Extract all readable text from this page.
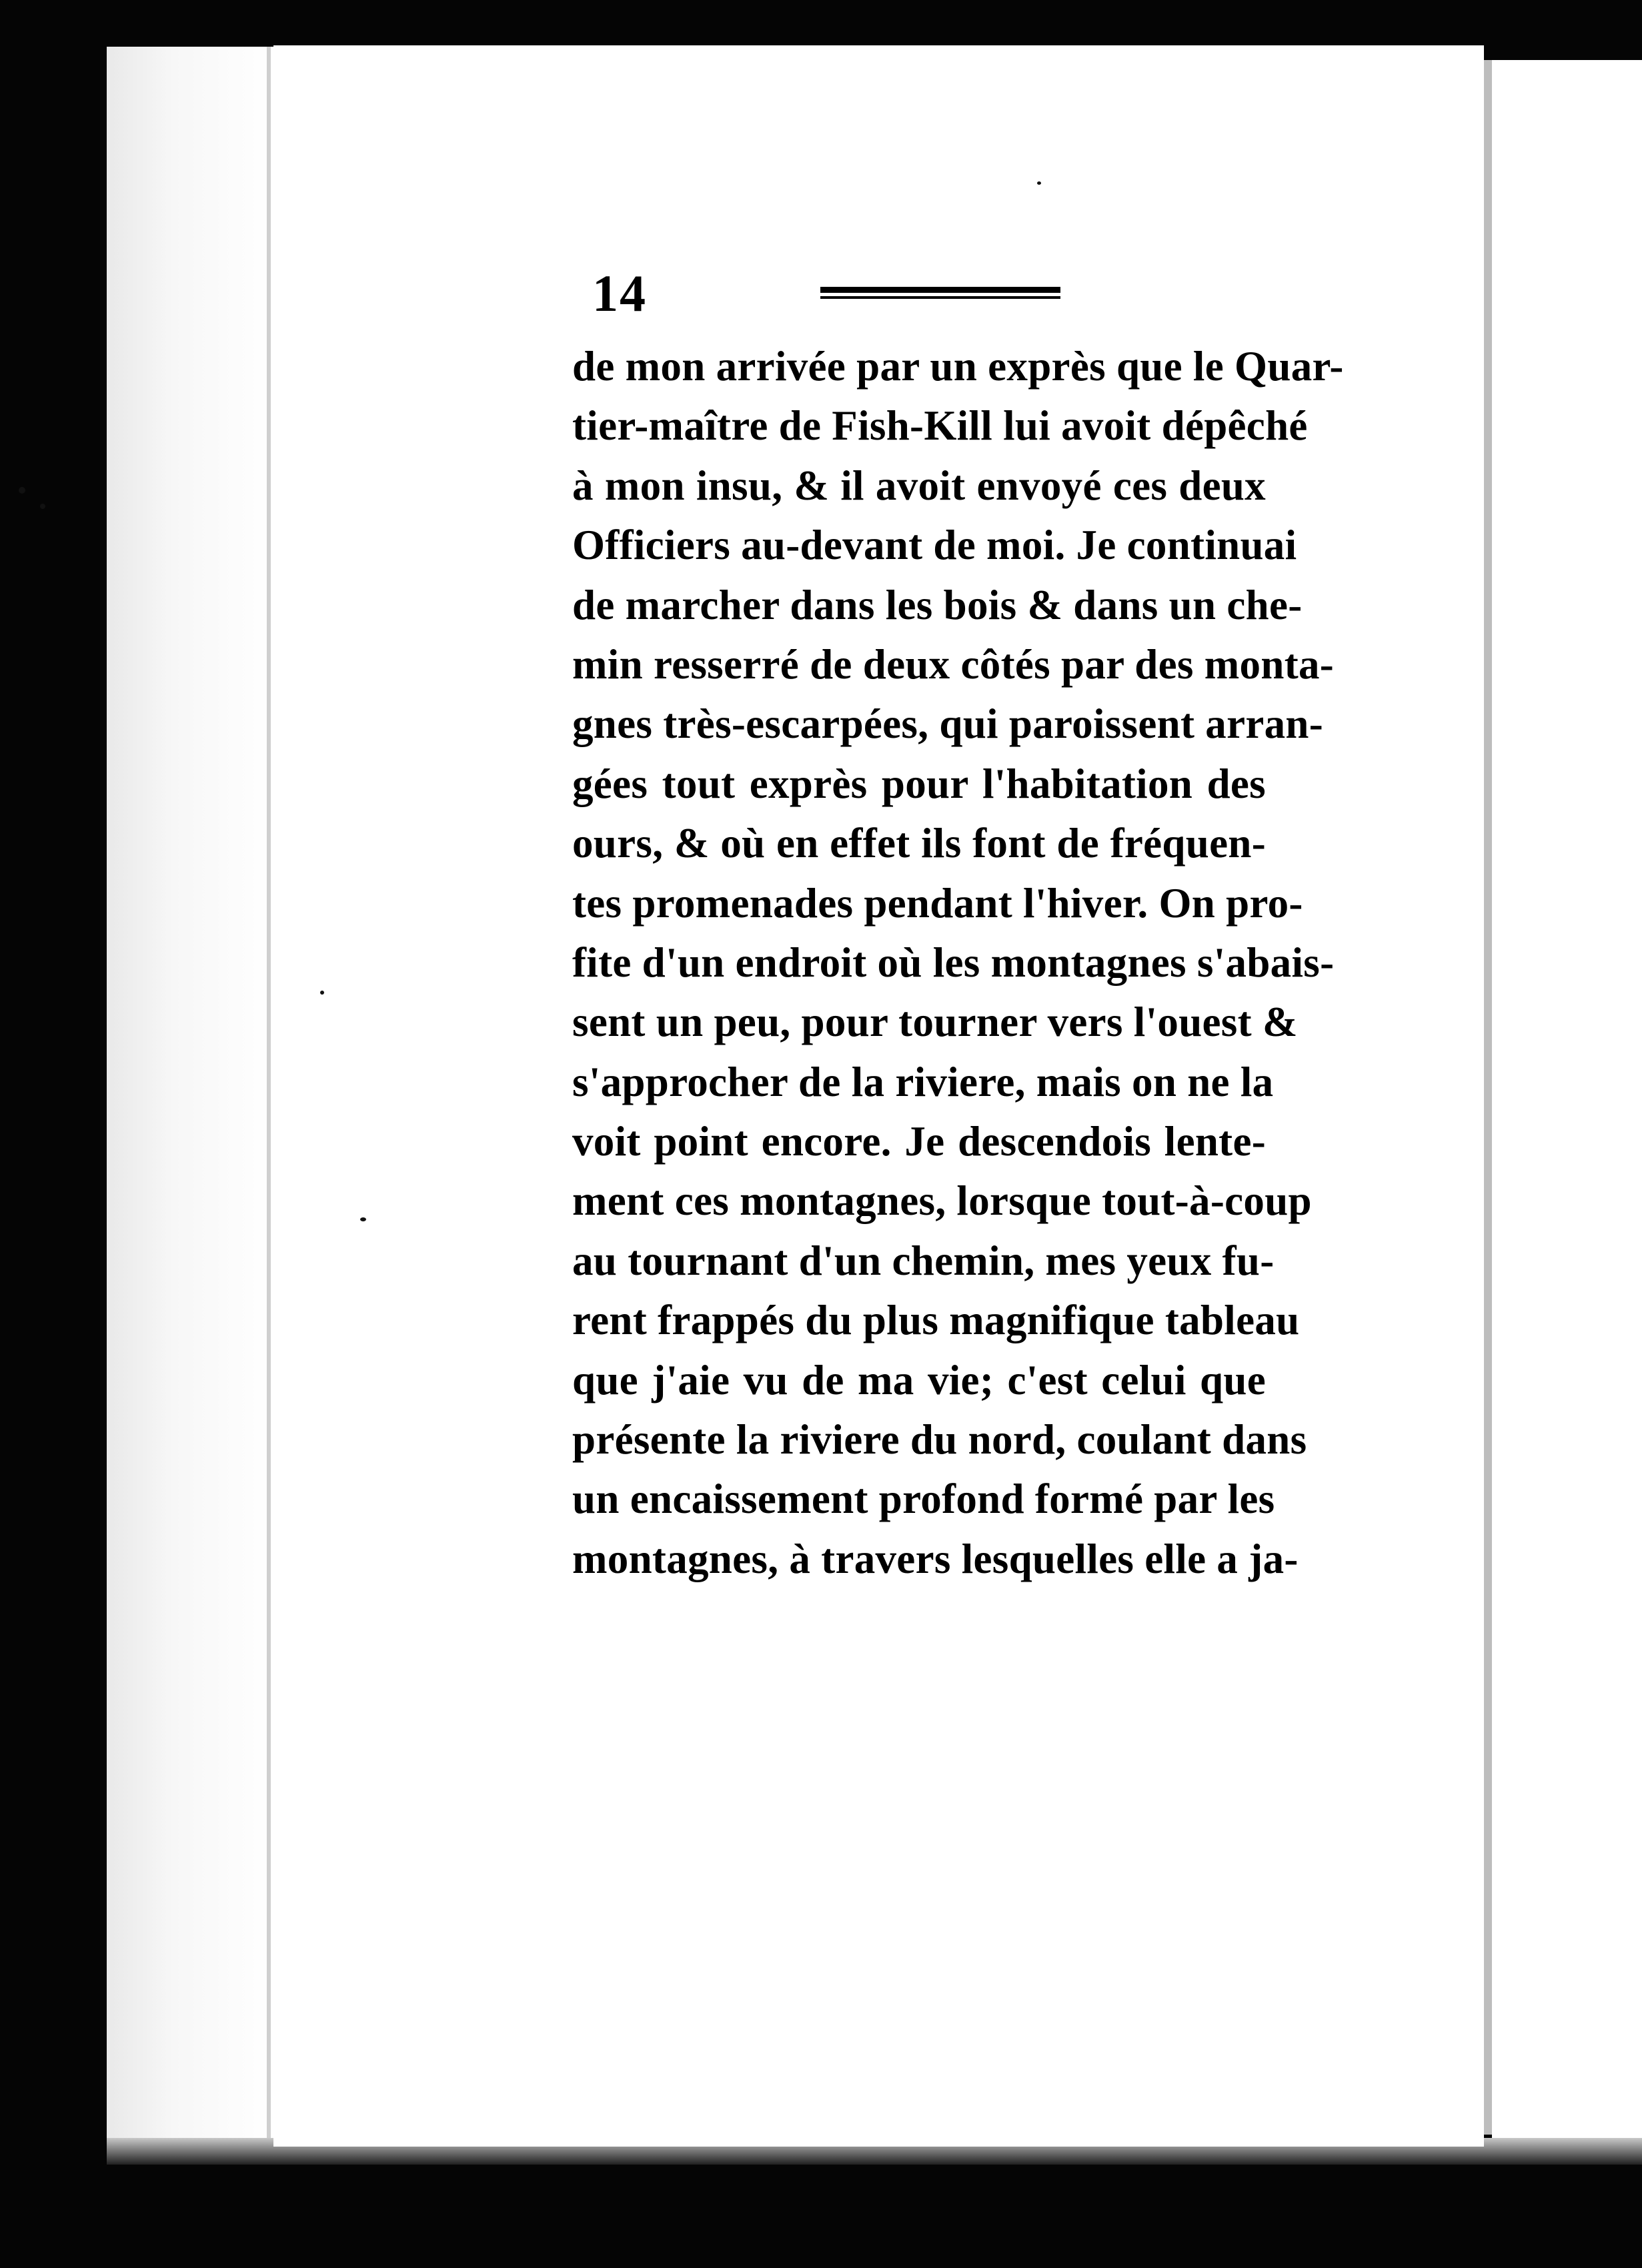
14
de mon arrivée par un exprès que le Quar-
tier-maître de Fish-Kill lui avoit dépêché
à mon insu, & il avoit envoyé ces deux
Officiers au-devant de moi. Je continuai
de marcher dans les bois & dans un che-
min resserré de deux côtés par des monta-
gnes très-escarpées, qui paroissent arran-
gées tout exprès pour l'habitation des
ours, & où en effet ils font de fréquen-
tes promenades pendant l'hiver. On pro-
fite d'un endroit où les montagnes s'abais-
sent un peu, pour tourner vers l'ouest &
s'approcher de la riviere, mais on ne la
voit point encore. Je descendois lente-
ment ces montagnes, lorsque tout-à-coup
au tournant d'un chemin, mes yeux fu-
rent frappés du plus magnifique tableau
que j'aie vu de ma vie; c'est celui que
présente la riviere du nord, coulant dans
un encaissement profond formé par les
montagnes, à travers lesquelles elle a ja-
